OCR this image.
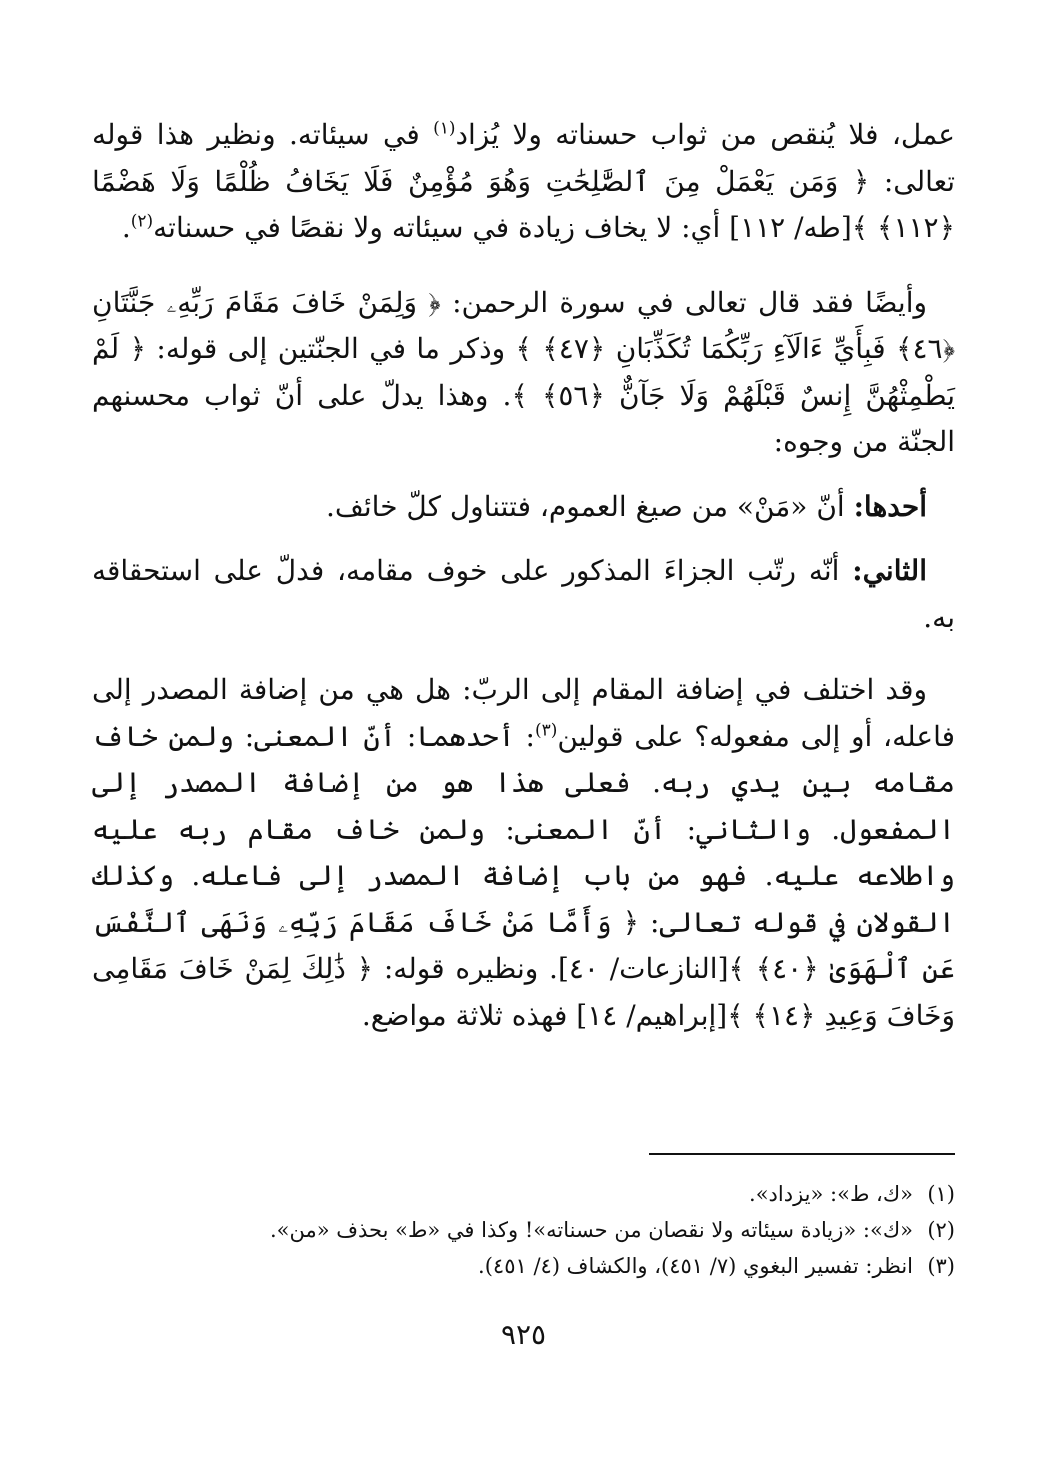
عمل، فلا يُنقص من ثواب حسناته ولا يُزاد$^{(١)}$ في سيئاته. ونظير هذا قوله تعالى: ﴿ وَمَن يَعْمَلْ مِنَ ٱلصَّٰلِحَٰتِ وَهُوَ مُؤْمِنٌ فَلَا يَخَافُ ظُلْمًا وَلَا هَضْمًا ﴿١١٢﴾ ﴾[طه/ ١١٢] أي: لا يخاف زيادة في سيئاته ولا نقصًا في حسناته$^{(٢)}$.

وأيضًا فقد قال تعالى في سورة الرحمن: ﴿ وَلِمَنْ خَافَ مَقَامَ رَبِّهِۦ جَنَّتَانِ ﴿٤٦﴾ فَبِأَيِّ ءَالَآءِ رَبِّكُمَا تُكَذِّبَانِ ﴿٤٧﴾ ﴾ وذكر ما في الجنّتين إلى قوله: ﴿ لَمْ يَطْمِثْهُنَّ إِنسٌ قَبْلَهُمْ وَلَا جَآنٌّ ﴿٥٦﴾ ﴾. وهذا يدلّ على أنّ ثواب محسنهم الجنّة من وجوه:

أحدها: أنّ «مَنْ» من صيغ العموم، فتتناول كلّ خائف.

الثاني: أنّه رتّب الجزاءَ المذكور على خوف مقامه، فدلّ على استحقاقه به.

وقد اختلف في إضافة المقام إلى الربّ: هل هي من إضافة المصدر إلى فاعله، أو إلى مفعوله؟ على قولين$^{(٣)}$: أحدهما: أنّ المعنى: ولمن خاف مقامه بين يدي ربه. فعلى هذا هو من إضافة المصدر إلى المفعول. والثاني: أنّ المعنى: ولمن خاف مقام ربه عليه واطلاعه عليه. فهو من باب إضافة المصدر إلى فاعله. وكذلك القولان في قوله تعالى: ﴿ وَأَمَّا مَنْ خَافَ مَقَامَ رَبِّهِۦ وَنَهَى ٱلنَّفْسَ عَنِ ٱلْهَوَىٰ ﴿٤٠﴾ ﴾[النازعات/ ٤٠]. ونظيره قوله: ﴿ ذَٰلِكَ لِمَنْ خَافَ مَقَامِى وَخَافَ وَعِيدِ ﴿١٤﴾ ﴾[إبراهيم/ ١٤] فهذه ثلاثة مواضع.

(١)«ك، ط»: «يزداد».

(٢)«ك»: «زيادة سيئاته ولا نقصان من حسناته»! وكذا في «ط» بحذف «من».

(٣)انظر: تفسير البغوي (٧/ ٤٥١)، والكشاف (٤/ ٤٥١).

٩٢٥
